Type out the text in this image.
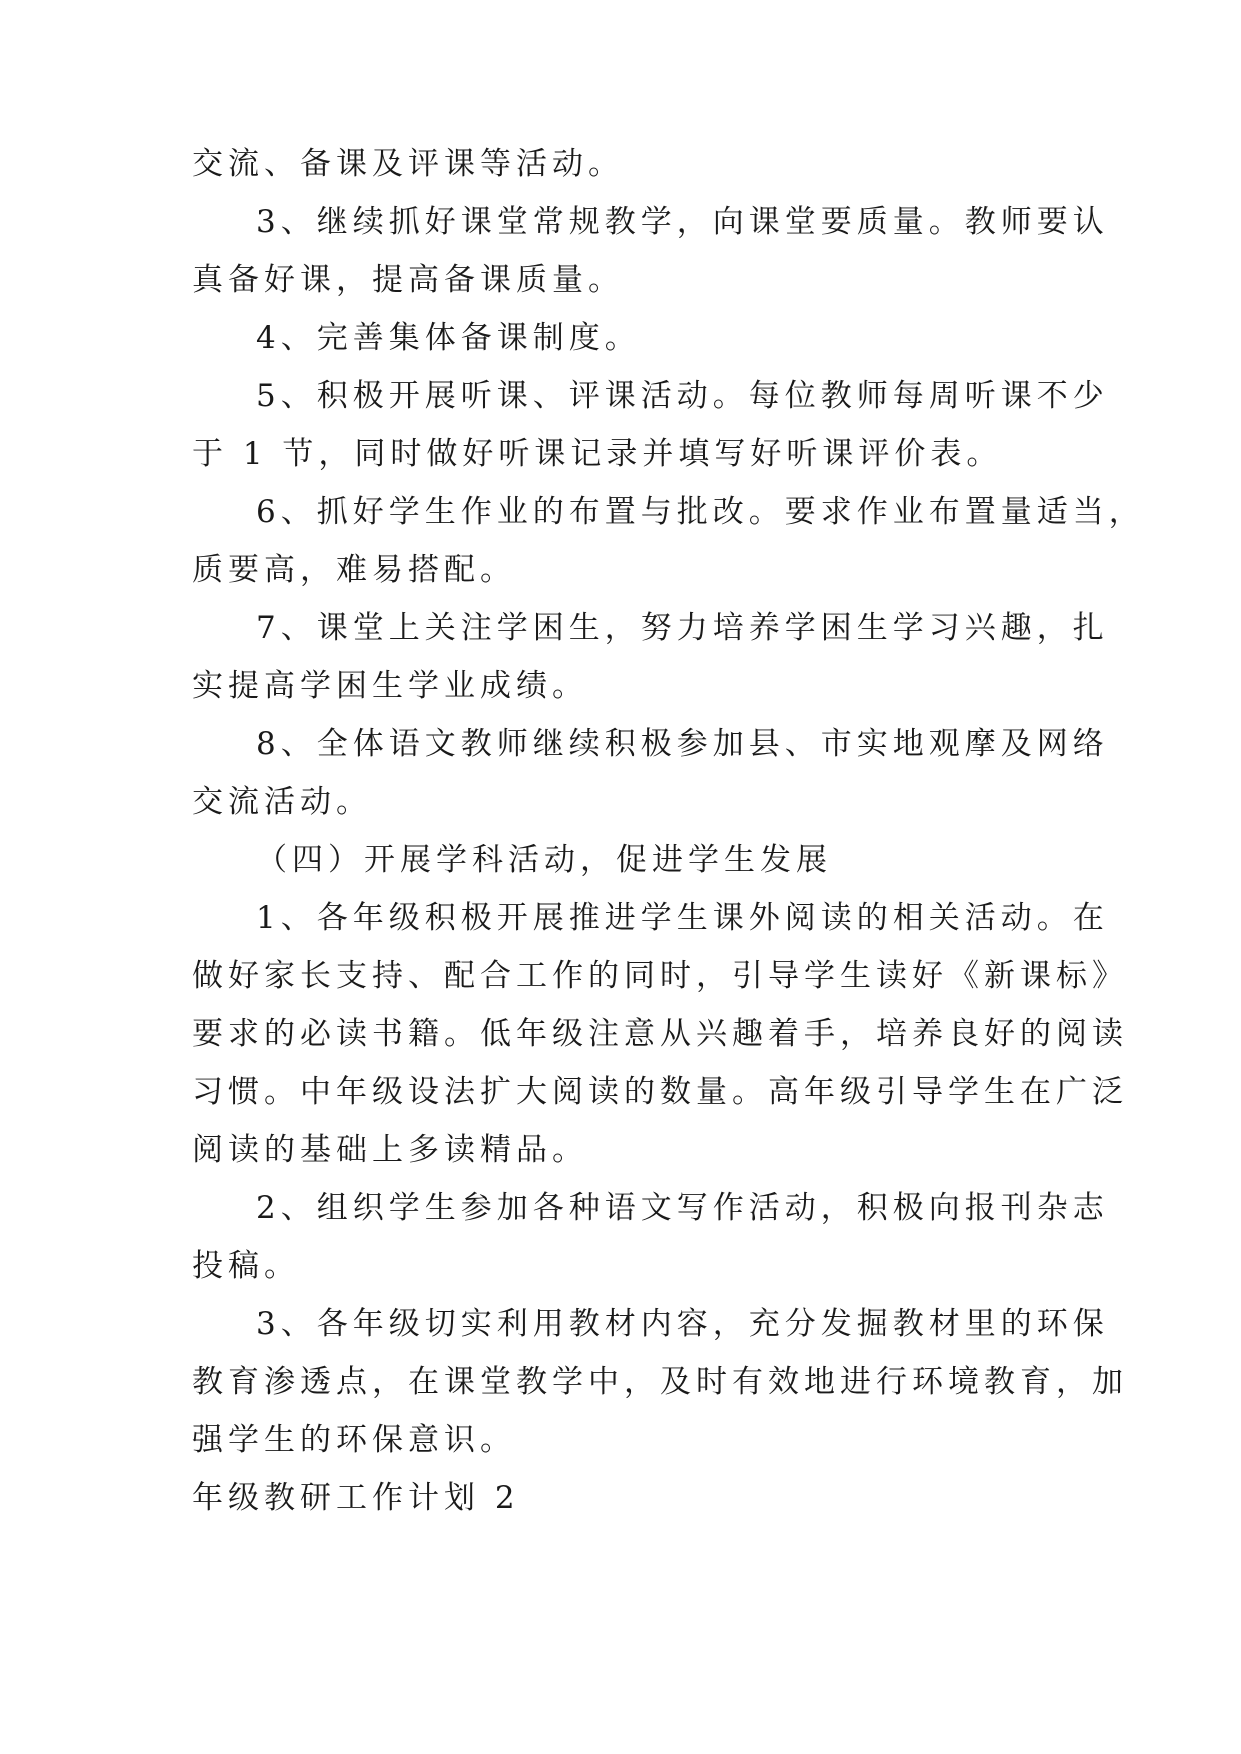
交流、备课及评课等活动。
3、继续抓好课堂常规教学，向课堂要质量。教师要认
真备好课，提高备课质量。
4、完善集体备课制度。
5、积极开展听课、评课活动。每位教师每周听课不少
于 1 节，同时做好听课记录并填写好听课评价表。
6、抓好学生作业的布置与批改。要求作业布置量适当，
质要高，难易搭配。
7、课堂上关注学困生，努力培养学困生学习兴趣，扎
实提高学困生学业成绩。
8、全体语文教师继续积极参加县、市实地观摩及网络
交流活动。
（四）开展学科活动，促进学生发展
1、各年级积极开展推进学生课外阅读的相关活动。在
做好家长支持、配合工作的同时，引导学生读好《新课标》
要求的必读书籍。低年级注意从兴趣着手，培养良好的阅读
习惯。中年级设法扩大阅读的数量。高年级引导学生在广泛
阅读的基础上多读精品。
2、组织学生参加各种语文写作活动，积极向报刊杂志
投稿。
3、各年级切实利用教材内容，充分发掘教材里的环保
教育渗透点，在课堂教学中，及时有效地进行环境教育，加
强学生的环保意识。
年级教研工作计划 2
